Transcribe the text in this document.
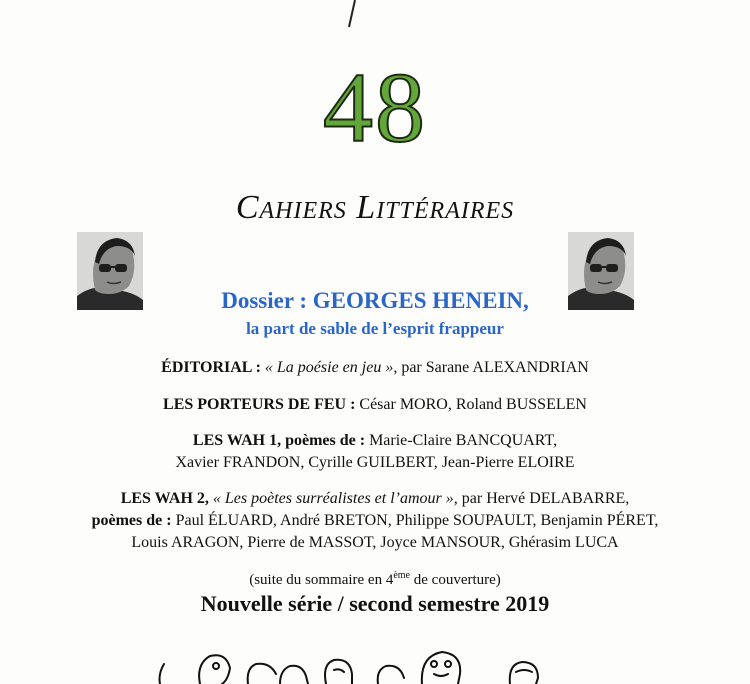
48
Cahiers Littéraires
Dossier : GEORGES HENEIN,
la part de sable de l’esprit frappeur
ÉDITORIAL : « La poésie en jeu », par Sarane ALEXANDRIAN
LES PORTEURS DE FEU : César MORO, Roland BUSSELEN
LES WAH 1, poèmes de : Marie-Claire BANCQUART,
Xavier FRANDON, Cyrille GUILBERT, Jean-Pierre ELOIRE
LES WAH 2, « Les poètes surréalistes et l’amour », par Hervé DELABARRE,
poèmes de : Paul ÉLUARD, André BRETON, Philippe SOUPAULT, Benjamin PÉRET,
Louis ARAGON, Pierre de MASSOT, Joyce MANSOUR, Ghérasim LUCA
(suite du sommaire en 4ème de couverture)
Nouvelle série / second semestre 2019
